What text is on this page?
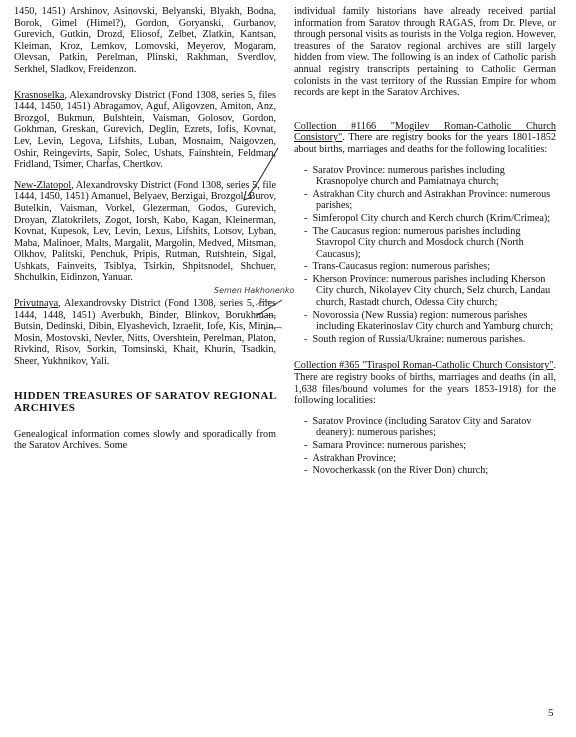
1450, 1451) Arshinov, Asinovski, Belyanski, Blyakh, Bodna, Borok, Gimel (Himel?), Gordon, Goryanski, Gurbanov, Gurevich, Gutkin, Drozd, Eliosof, Zelbet, Zlatkin, Kantsan, Kleiman, Kroz, Lemkov, Lomovski, Meyerov, Mogaram, Olevsan, Patkin, Perelman, Plinski, Rakhman, Sverdlov, Serkhel, Sladkov, Freidenzon.

Krasnoselka, Alexandrovsky District (Fond 1308, series 5, files 1444, 1450, 1451) Abragamov, Aguf, Aligovzen, Amiton, Anz, Brozgol, Bukmun, Bulshtein, Vaisman, Golosov, Gordon, Gokhman, Greskan, Gurevich, Deglin, Ezrets, Iofis, Kovnat, Lev, Levin, Legova, Lifshits, Luban, Mosnaim, Naigovzen, Oshir, Reingevirts, Sapir, Solec, Ushats, Fainshtein, Feldman, Fridland, Tsimer, Charfas, Chertkov.

New-Zlatopol, Alexandrovsky District (Fond 1308, series 5, file 1444, 1450, 1451) Amanuel, Belyaev, Berzigai, Brozgol, Burov, Butelkin, Vaisman, Vorkel, Glezerman, Godos, Gurevich, Droyan, Zlatokrilets, Zogot, Iorsh, Kabo, Kagan, Kleinerman, Kovnat, Kupesok, Lev, Levin, Lexus, Lifshits, Lotsov, Lyban, Maba, Malinoer, Malts, Margalit, Margolin, Medved, Mitsman, Olkhov, Palitski, Penchuk, Pripis, Rutman, Rutshtein, Sigal, Ushkats, Fainveits, Tsiblya, Tsirkin, Shpitsnodel, Shchuer, Shchulkin, Eidinzon, Yanuar.

Privutnaya, Alexandrovsky District (Fond 1308, series 5, files 1444, 1448, 1451) Averbukh, Binder, Blinkov, Borukhman, Butsin, Dedinski, Dibin, Elyashevich, Izraelit, Iofe, Kis, Minin, Mosin, Mostovski, Nevler, Nitts, Overshtein, Perelman, Platon, Rivkind, Risov, Sorkin, Tomsinski, Khait, Khurin, Tsadkin, Sheer, Yukhnikov, Yali.

HIDDEN TREASURES OF SARATOV REGIONAL ARCHIVES

Genealogical information comes slowly and sporadically from the Saratov Archives. Some

individual family historians have already received partial information from Saratov through RAGAS, from Dr. Pleve, or through personal visits as tourists in the Volga region. However, treasures of the Saratov regional archives are still largely hidden from view. The following is an index of Catholic parish annual registry transcripts pertaining to Catholic German colonists in the vast territory of the Russian Empire for whom records are kept in the Saratov Archives.

Collection #1166 "Mogilev Roman-Catholic Church Consistory". There are registry books for the years 1801-1852 about births, marriages and deaths for the following localities:

-  Saratov Province: numerous parishes including Krasnopolye church and Pamiatnaya church;
-  Astrakhan City church and Astrakhan Province: numerous parishes;
-  Simferopol City church and Kerch church (Krim/Crimea);
-  The Caucasus region: numerous parishes including Stavropol City church and Mosdock church (North Caucasus);
-  Trans-Caucasus region: numerous parishes;
-  Kherson Province: numerous parishes including Kherson City church, Nikolayev City church, Selz church, Landau church, Rastadt church, Odessa City church;
-  Novorossia (New Russia) region: numerous parishes including Ekaterinoslav City church and Yamburg church;
-  South region of Russia/Ukraine: numerous parishes.

Collection #365 "Tiraspol Roman-Catholic Church Consistory". There are registry books of births, marriages and deaths (in all, 1,638 files/bound volumes for the years 1853-1918) for the following localities:

-  Saratov Province (including Saratov City and Saratov deanery): numerous parishes;
-  Samara Province: numerous parishes;
-  Astrakhan Province;
-  Novocherkassk (on the River Don) church;
Semen Hakhonenko
5
